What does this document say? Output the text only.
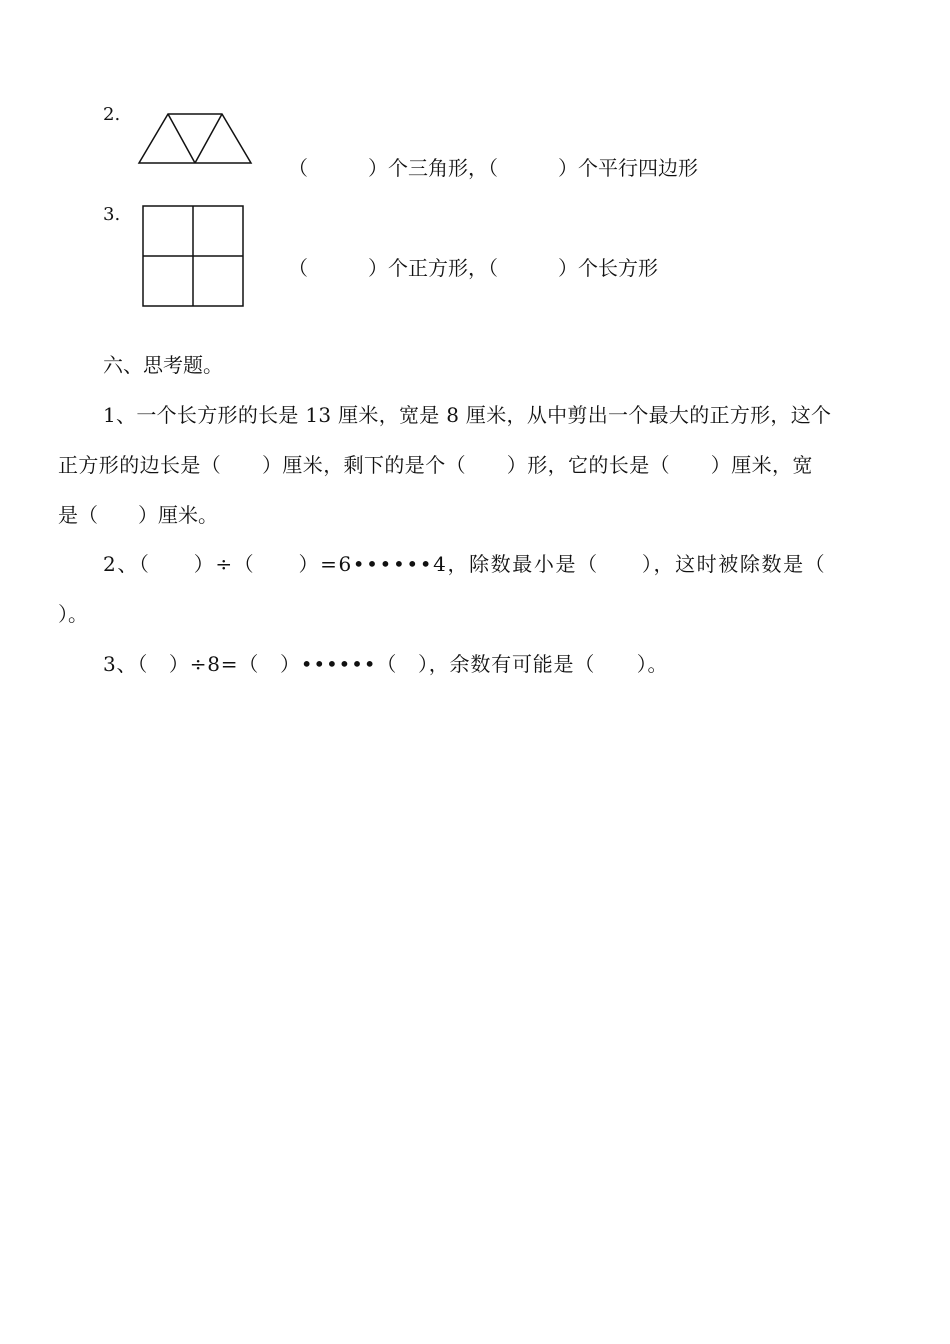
2.
（　　　）个三角形，（　　　）个平行四边形
3.
（　　　）个正方形，（　　　）个长方形
六、思考题。
1、一个长方形的长是 13 厘米，宽是 8 厘米，从中剪出一个最大的正方形，这个
正方形的边长是（　　）厘米，剩下的是个（　　）形，它的长是（　　）厘米，宽
是（　　）厘米。
2、（　　）÷（　　）=6••••••4，除数最小是（　　），这时被除数是（
）。
3、（　）÷8=（　）••••••（　），余数有可能是（　　）。
